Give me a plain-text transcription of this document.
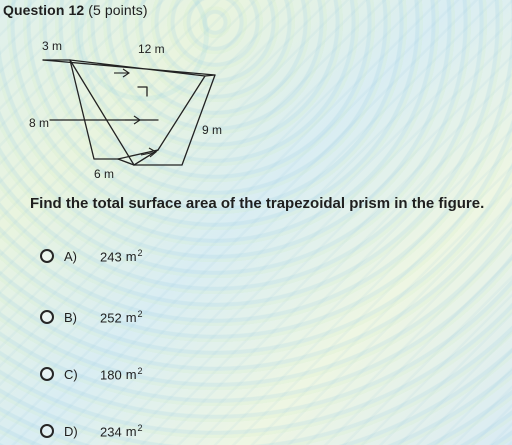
Question 12 (5 points)
3 m	12 m
8 m	9 m
6 m
Find the total surface area of the trapezoidal prism in the figure.
A)	243 $m^2$
B)	252 $m^2$
C)	180 $m^2$
D)	234 $m^2$
